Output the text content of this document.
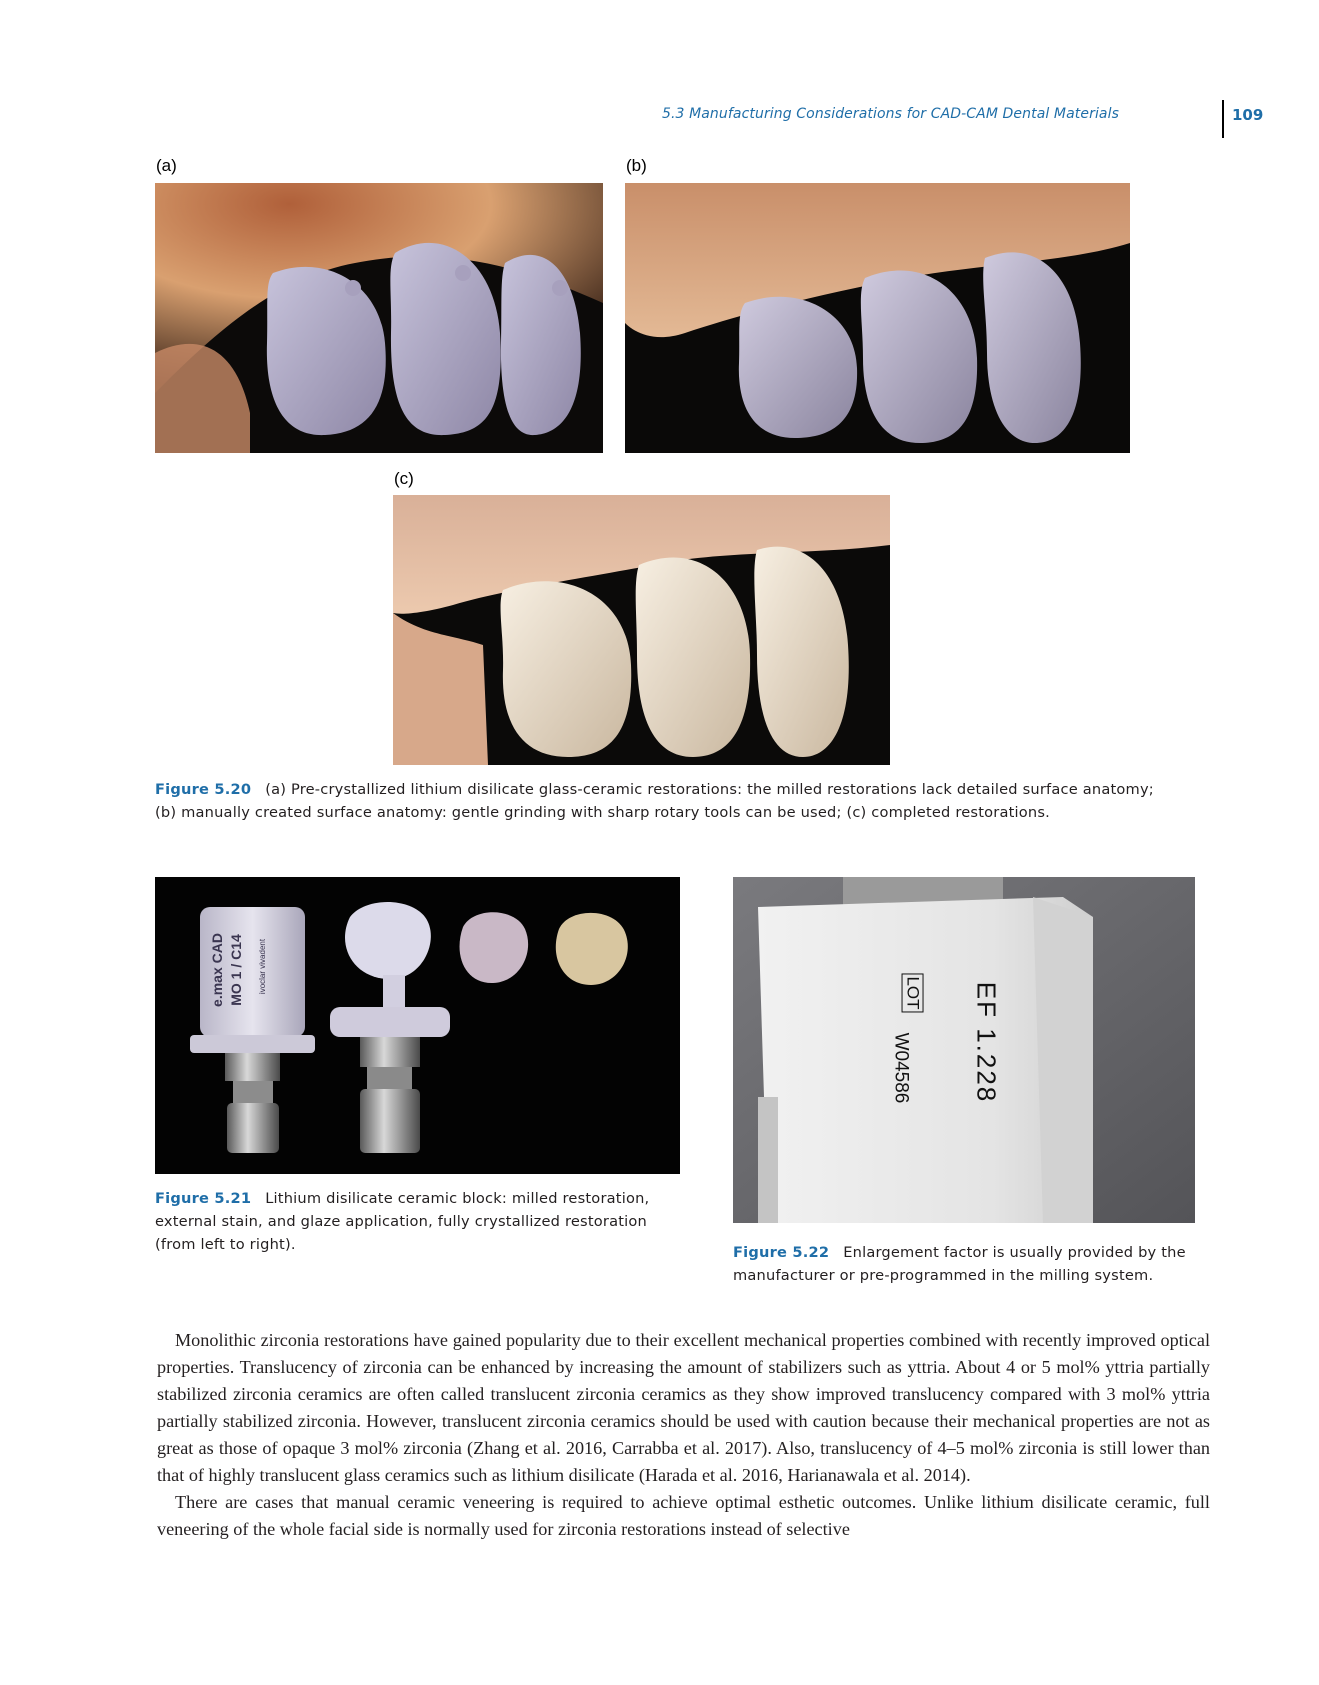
5.3 Manufacturing Considerations for CAD-CAM Dental Materials	109
(a)	(b)
(c)
Figure 5.20 (a) Pre-crystallized lithium disilicate glass-ceramic restorations: the milled restorations lack detailed surface anatomy;
(b) manually created surface anatomy: gentle grinding with sharp rotary tools can be used; (c) completed restorations.
e.max CAD MO 1 / C14 ivoclar vivadent
Figure 5.21 Lithium disilicate ceramic block: milled restoration,
external stain, and glaze application, fully crystallized restoration
(from left to right).
EF 1.228
LOT
W04586
Figure 5.22 Enlargement factor is usually provided by the
manufacturer or pre-programmed in the milling system.

Monolithic zirconia restorations have gained popularity due to their excellent mechanical properties combined with recently improved optical properties. Translucency of zirconia can be enhanced by increasing the amount of stabilizers such as yttria. About 4 or 5 mol% yttria partially stabilized zirconia ceramics are often called translucent zirconia ceramics as they show improved translucency compared with 3 mol% yttria partially stabilized zirconia. However, translucent zirconia ceramics should be used with caution because their mechanical properties are not as great as those of opaque 3 mol% zirconia (Zhang et al. 2016, Carrabba et al. 2017). Also, translucency of 4–5 mol% zirconia is still lower than that of highly translucent glass ceramics such as lithium disilicate (Harada et al. 2016, Harianawala et al. 2014).

There are cases that manual ceramic veneering is required to achieve optimal esthetic outcomes. Unlike lithium disilicate ceramic, full veneering of the whole facial side is normally used for zirconia restorations instead of selective
